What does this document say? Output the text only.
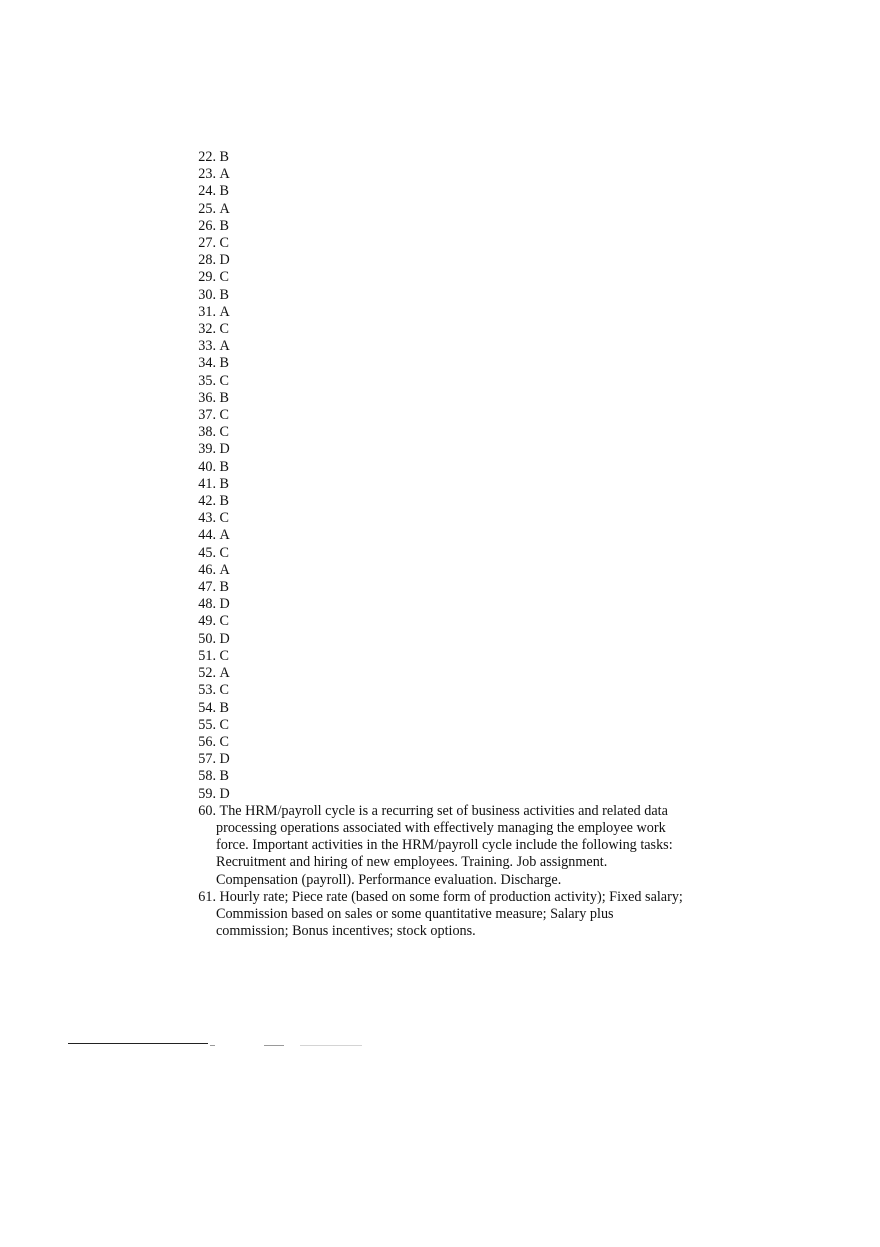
22. B
23. A
24. B
25. A
26. B
27. C
28. D
29. C
30. B
31. A
32. C
33. A
34. B
35. C
36. B
37. C
38. C
39. D
40. B
41. B
42. B
43. C
44. A
45. C
46. A
47. B
48. D
49. C
50. D
51. C
52. A
53. C
54. B
55. C
56. C
57. D
58. B
59. D
60. The HRM/payroll cycle is a recurring set of business activities and related data
processing operations associated with effectively managing the employee work
force. Important activities in the HRM/payroll cycle include the following tasks:
Recruitment and hiring of new employees. Training. Job assignment.
Compensation (payroll). Performance evaluation. Discharge.
61. Hourly rate; Piece rate (based on some form of production activity); Fixed salary;
Commission based on sales or some quantitative measure; Salary plus
commission; Bonus incentives; stock options.
